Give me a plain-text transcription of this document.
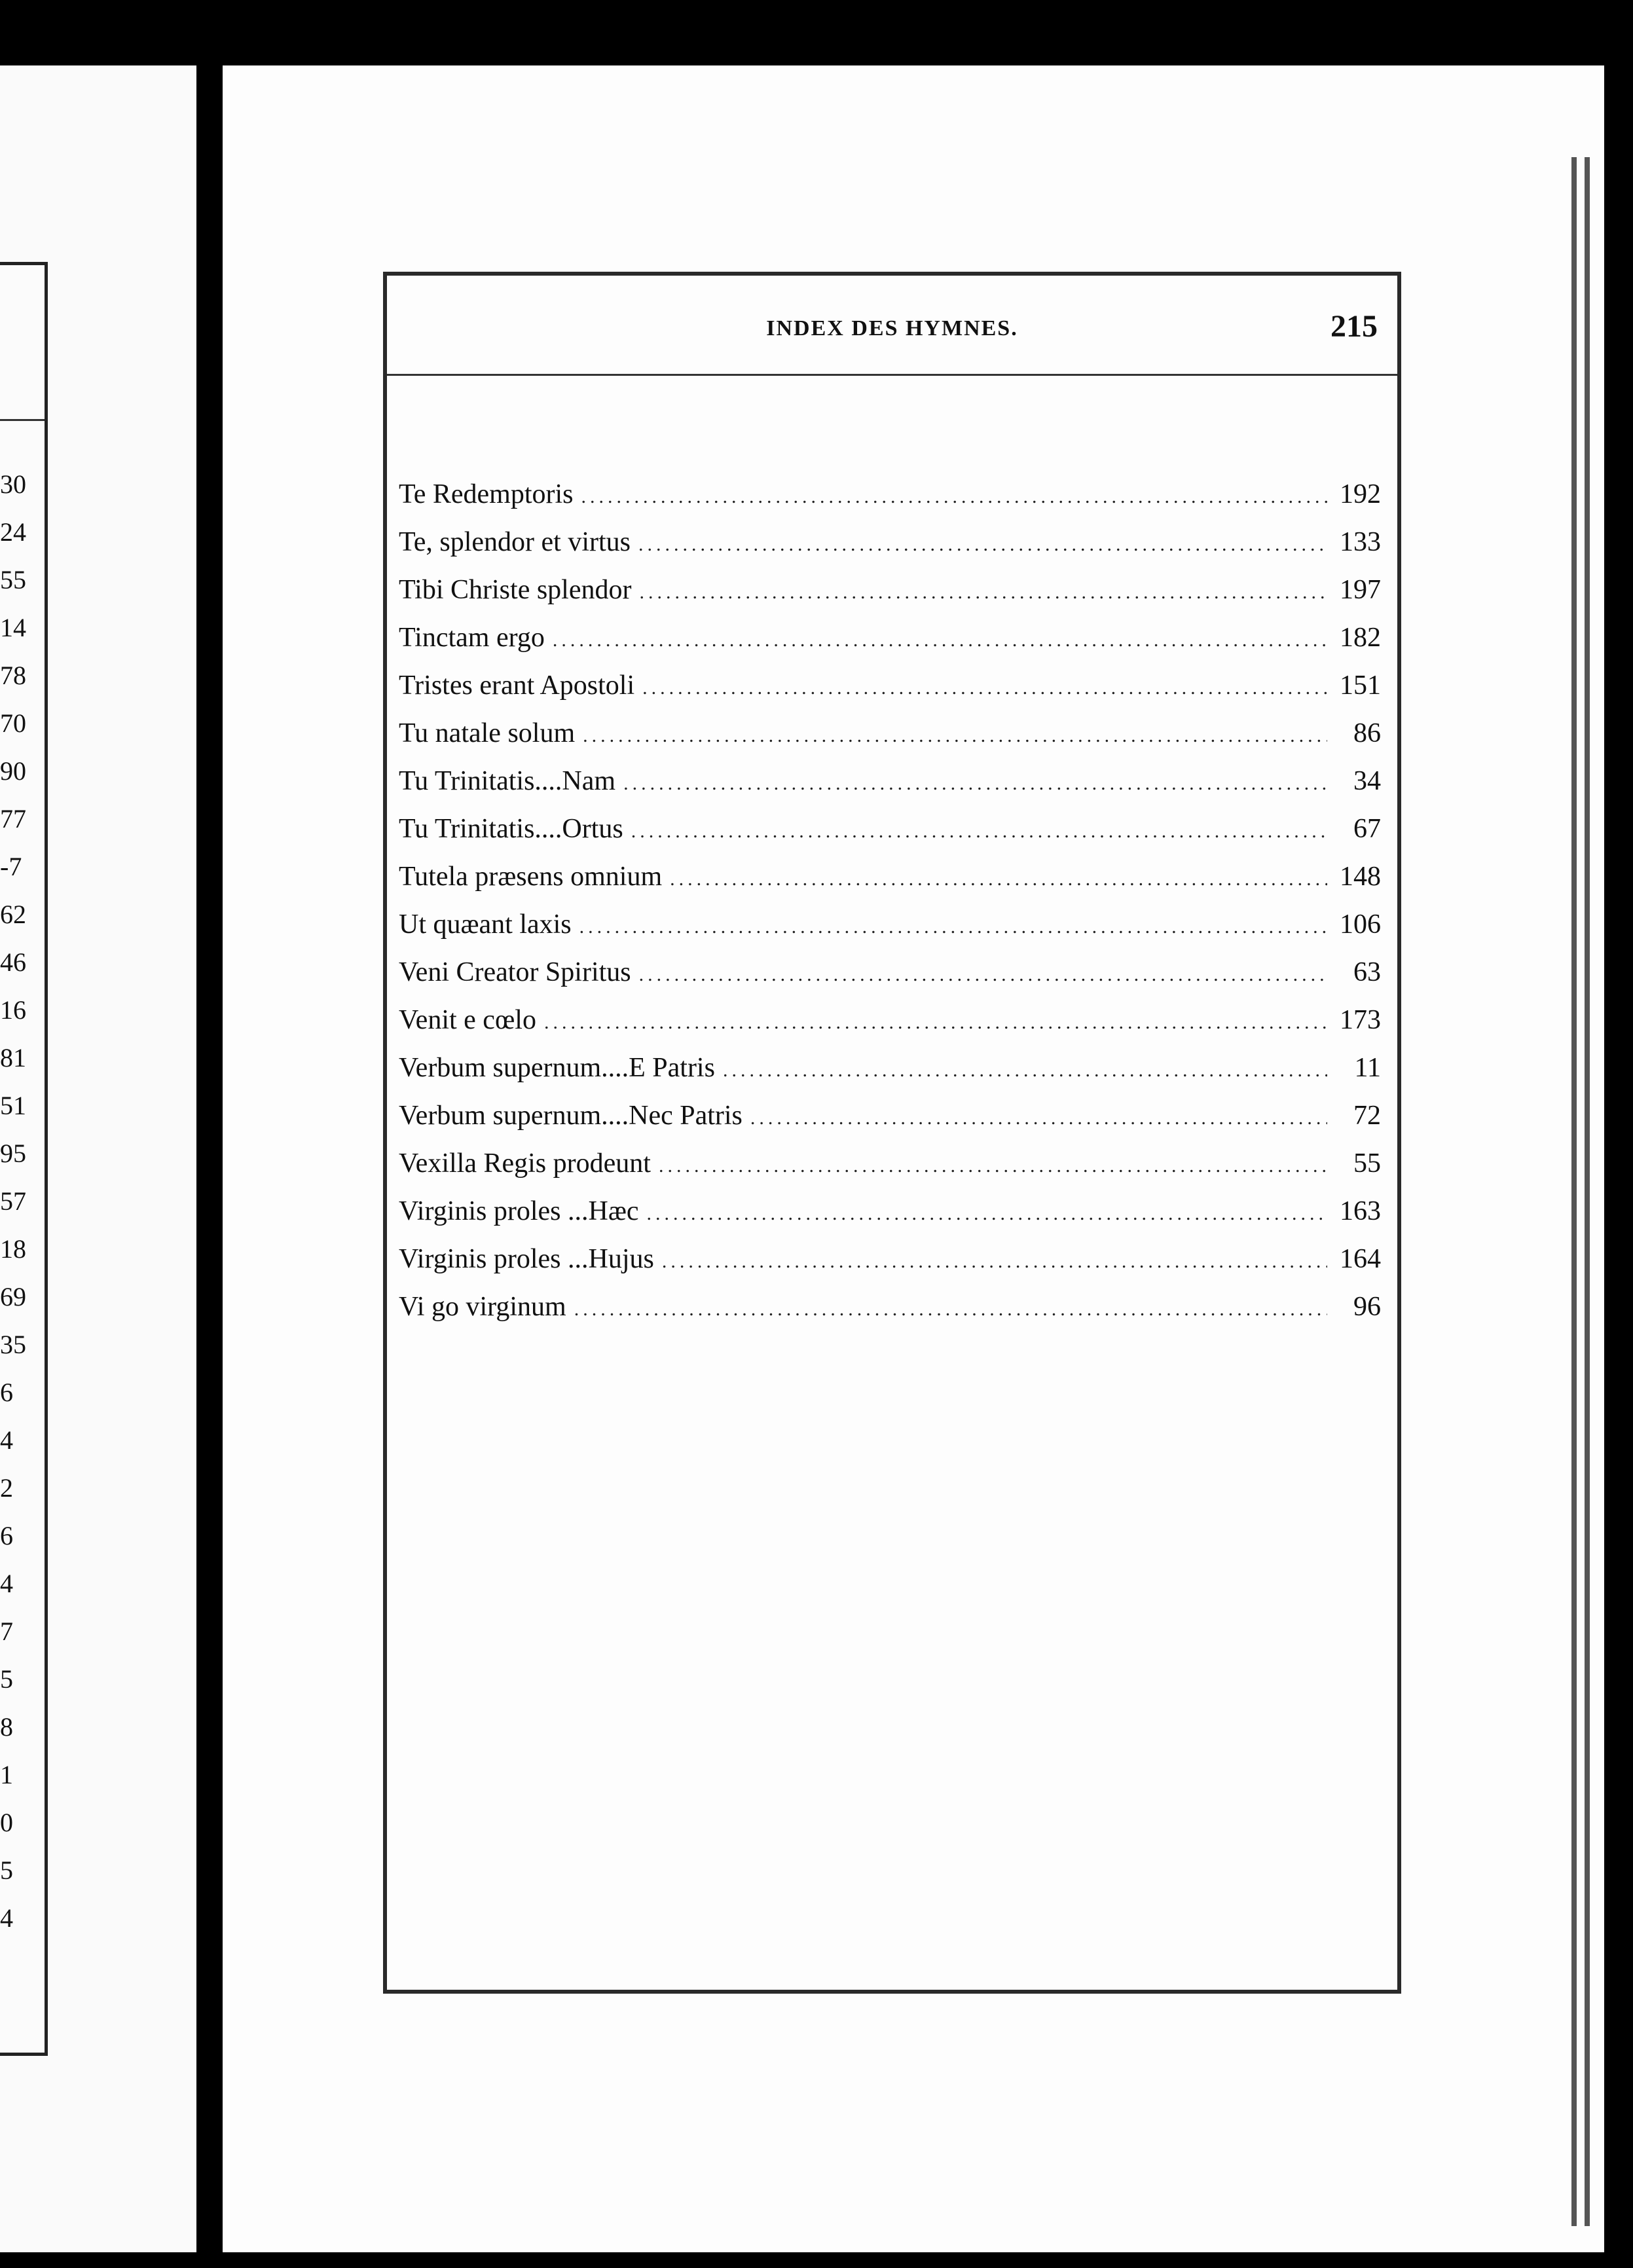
30
24
55
14
78
70
90
77
-7
62
46
16
81
51
95
57
18
69
35
6
4
2
6
4
7
5
8
1
0
5
4
INDEX DES HYMNES.	215
Te Redemptoris .....	192
Te, splendor et virtus .....	133
Tibi Christe splendor .....	197
Tinctam ergo .....	182
Tristes erant Apostoli .....	151
Tu natale solum .....	86
Tu Trinitatis....Nam .....	34
Tu Trinitatis....Ortus .....	67
Tutela præsens omnium .....	148
Ut quæant laxis .....	106
Veni Creator Spiritus .....	63
Venit e cœlo .....	173
Verbum supernum....E Patris .....	11
Verbum supernum....Nec Patris .....	72
Vexilla Regis prodeunt .....	55
Virginis proles ...Hæc .....	163
Virginis proles ...Hujus .....	164
Vi go virginum .....	96
